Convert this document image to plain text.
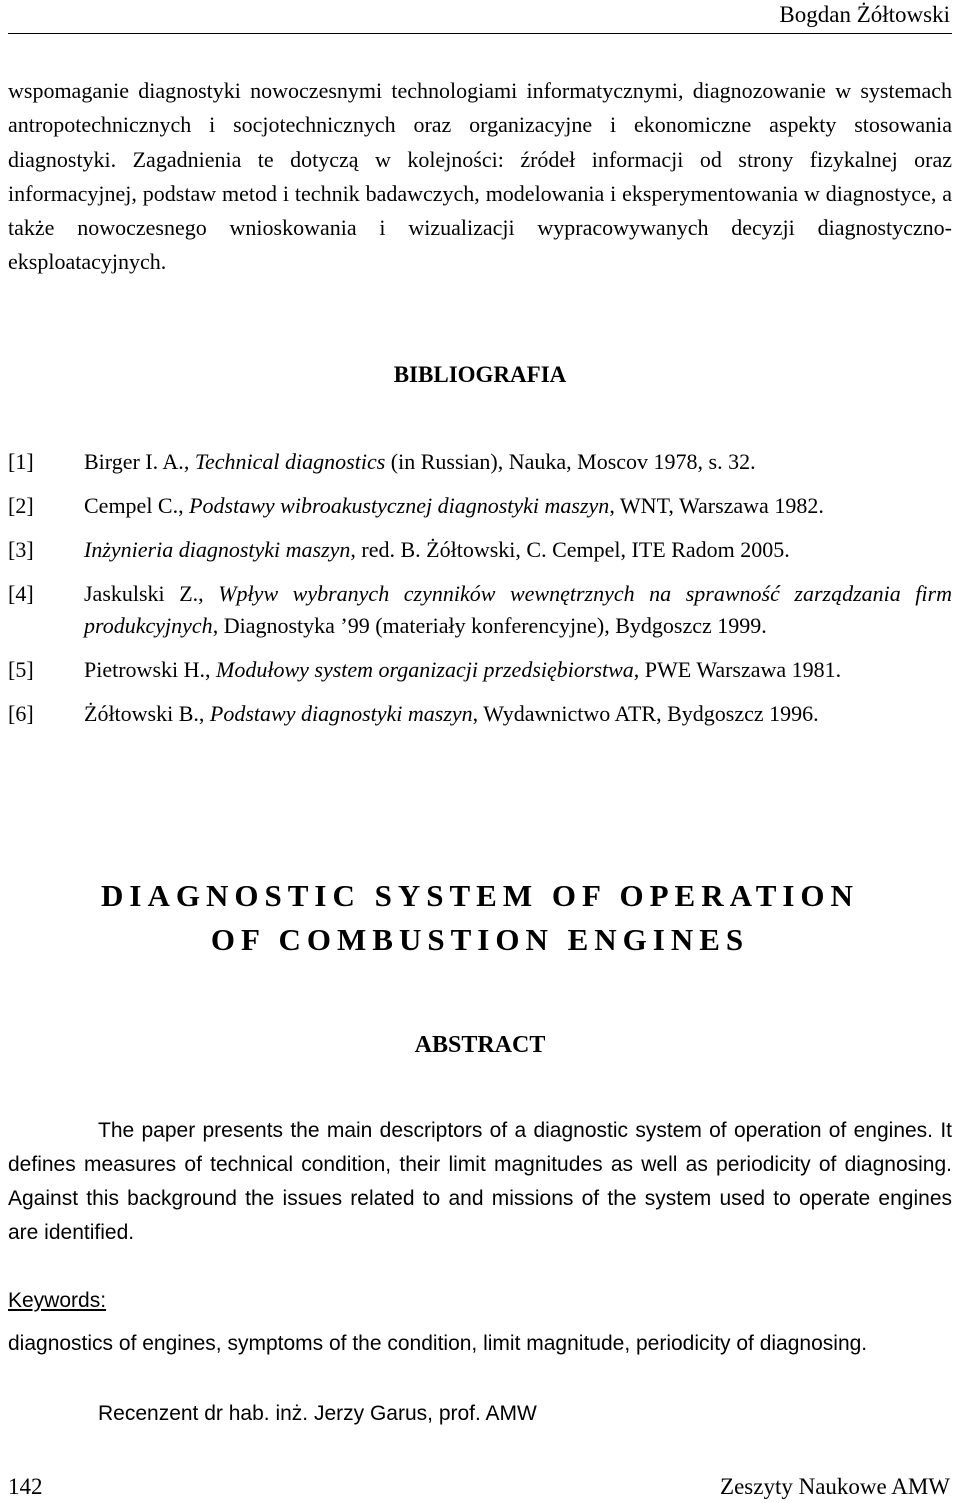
Bogdan Żółtowski
wspomaganie diagnostyki nowoczesnymi technologiami informatycznymi, diagnozowanie w systemach antropotechnicznych i socjotechnicznych oraz organizacyjne i ekonomiczne aspekty stosowania diagnostyki. Zagadnienia te dotyczą w kolejności: źródeł informacji od strony fizykalnej oraz informacyjnej, podstaw metod i technik badawczych, modelowania i eksperymentowania w diagnostyce, a także nowoczesnego wnioskowania i wizualizacji wypracowywanych decyzji diagnostyczno-eksploatacyjnych.
BIBLIOGRAFIA
[1]	Birger I. A., Technical diagnostics (in Russian), Nauka, Moscov 1978, s. 32.
[2]	Cempel C., Podstawy wibroakustycznej diagnostyki maszyn, WNT, Warszawa 1982.
[3]	Inżynieria diagnostyki maszyn, red. B. Żółtowski, C. Cempel, ITE Radom 2005.
[4]	Jaskulski Z., Wpływ wybranych czynników wewnętrznych na sprawność zarządzania firm produkcyjnych, Diagnostyka ’99 (materiały konferencyjne), Bydgoszcz 1999.
[5]	Pietrowski H., Modułowy system organizacji przedsiębiorstwa, PWE Warszawa 1981.
[6]	Żółtowski B., Podstawy diagnostyki maszyn, Wydawnictwo ATR, Bydgoszcz 1996.
DIAGNOSTIC SYSTEM OF OPERATION
OF COMBUSTION ENGINES
ABSTRACT
The paper presents the main descriptors of a diagnostic system of operation of engines. It defines measures of technical condition, their limit magnitudes as well as periodicity of diagnosing. Against this background the issues related to and missions of the system used to operate engines are identified.
Keywords:
diagnostics of engines, symptoms of the condition, limit magnitude, periodicity of diagnosing.
Recenzent dr hab. inż. Jerzy Garus, prof. AMW
142	Zeszyty Naukowe AMW
